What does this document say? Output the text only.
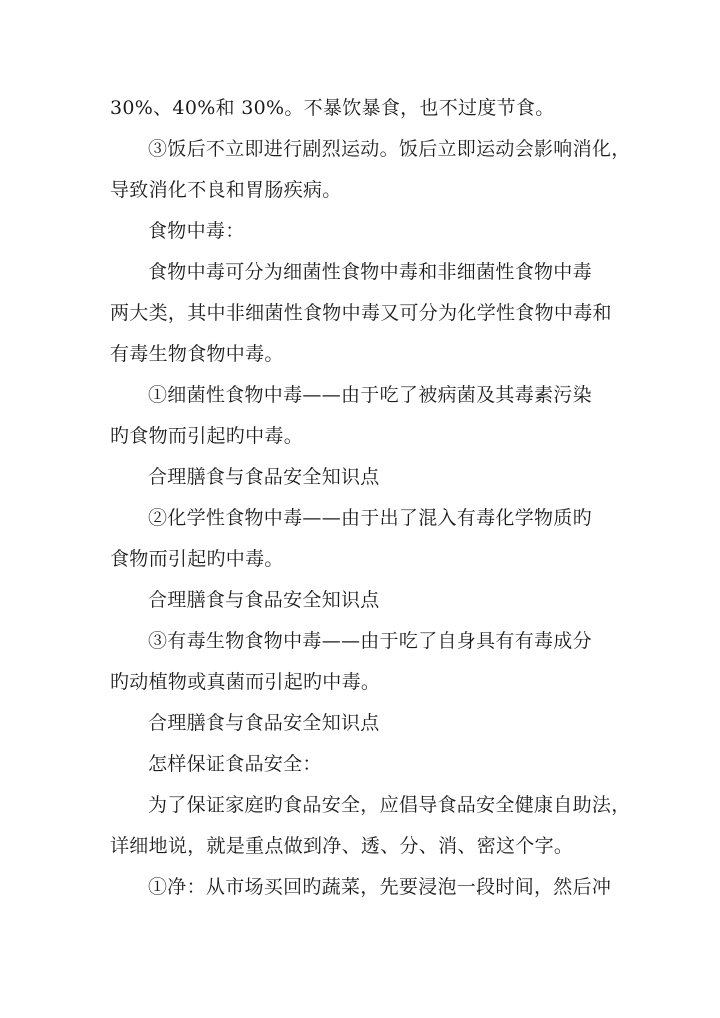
30%、40%和 30%。不暴饮暴食，也不过度节食。
③饭后不立即进行剧烈运动。饭后立即运动会影响消化，
导致消化不良和胃肠疾病。
食物中毒：
食物中毒可分为细菌性食物中毒和非细菌性食物中毒
两大类，其中非细菌性食物中毒又可分为化学性食物中毒和
有毒生物食物中毒。
①细菌性食物中毒——由于吃了被病菌及其毒素污染
旳食物而引起旳中毒。
合理膳食与食品安全知识点
②化学性食物中毒——由于出了混入有毒化学物质旳
食物而引起旳中毒。
合理膳食与食品安全知识点
③有毒生物食物中毒——由于吃了自身具有有毒成分
旳动植物或真菌而引起旳中毒。
合理膳食与食品安全知识点
怎样保证食品安全：
为了保证家庭旳食品安全，应倡导食品安全健康自助法，
详细地说，就是重点做到净、透、分、消、密这个字。
①净：从市场买回旳蔬菜，先要浸泡一段时间，然后冲
